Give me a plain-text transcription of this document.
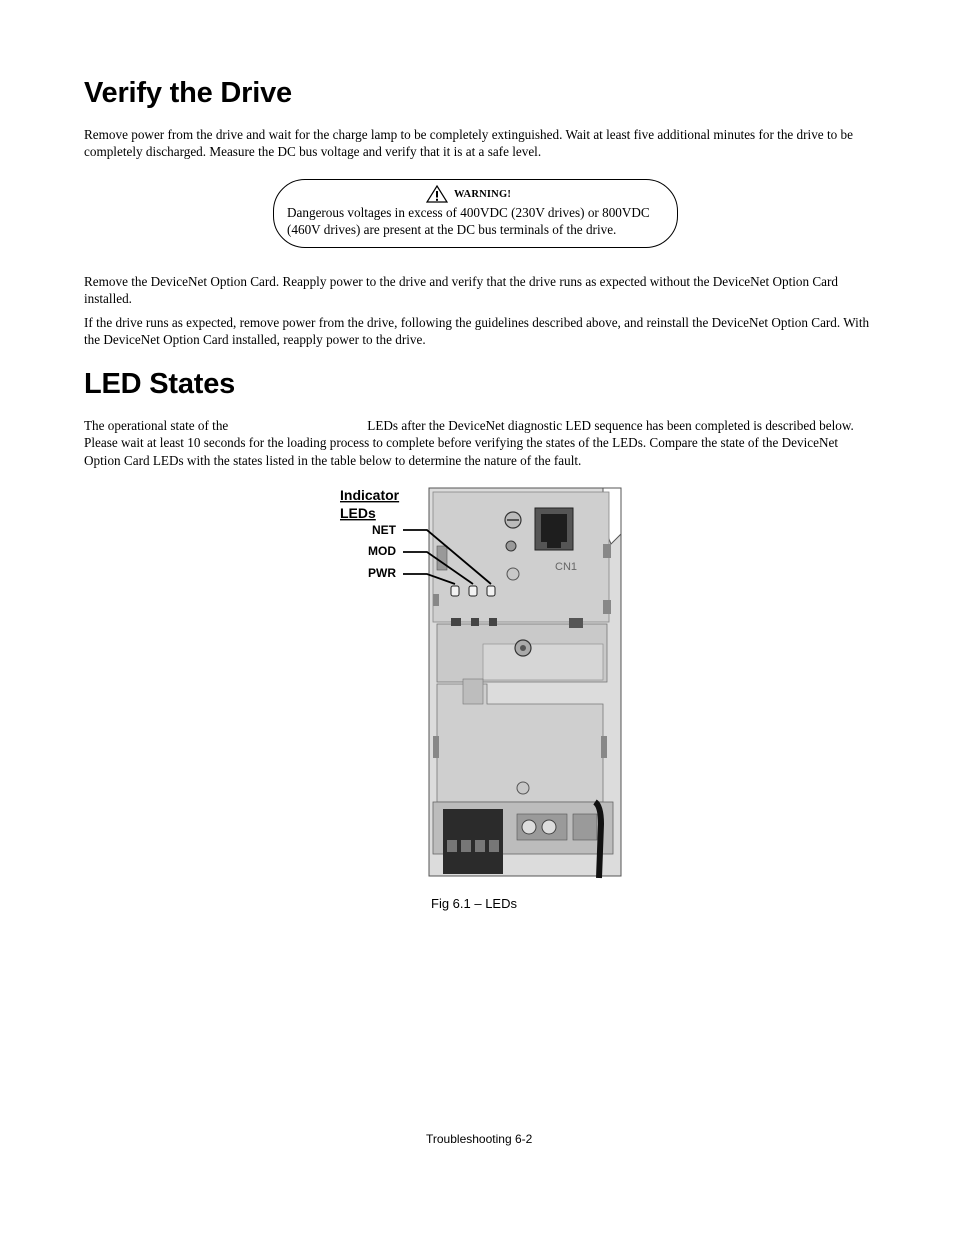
Verify the Drive

Remove power from the drive and wait for the charge lamp to be completely extinguished. Wait at least five additional minutes for the drive to be completely discharged. Measure the DC bus voltage and verify that it is at a safe level.

WARNING!

Dangerous voltages in excess of 400VDC (230V drives) or 800VDC (460V drives) are present at the DC bus terminals of the drive.

Remove the DeviceNet Option Card. Reapply power to the drive and verify that the drive runs as expected without the DeviceNet Option Card installed.

If the drive runs as expected, remove power from the drive, following the guidelines described above, and reinstall the DeviceNet Option Card. With the DeviceNet Option Card installed, reapply power to the drive.

LED States

The operational state of the	LEDs after the DeviceNet diagnostic LED sequence has been completed is described below. Please wait at least 10 seconds for the loading process to complete before verifying the states of the LEDs. Compare the state of the DeviceNet Option Card LEDs with the states listed in the table below to determine the nature of the fault.

Indicator
LEDs
NET
MOD
PWR	CN1

Fig 6.1 – LEDs

Troubleshooting 6-2
